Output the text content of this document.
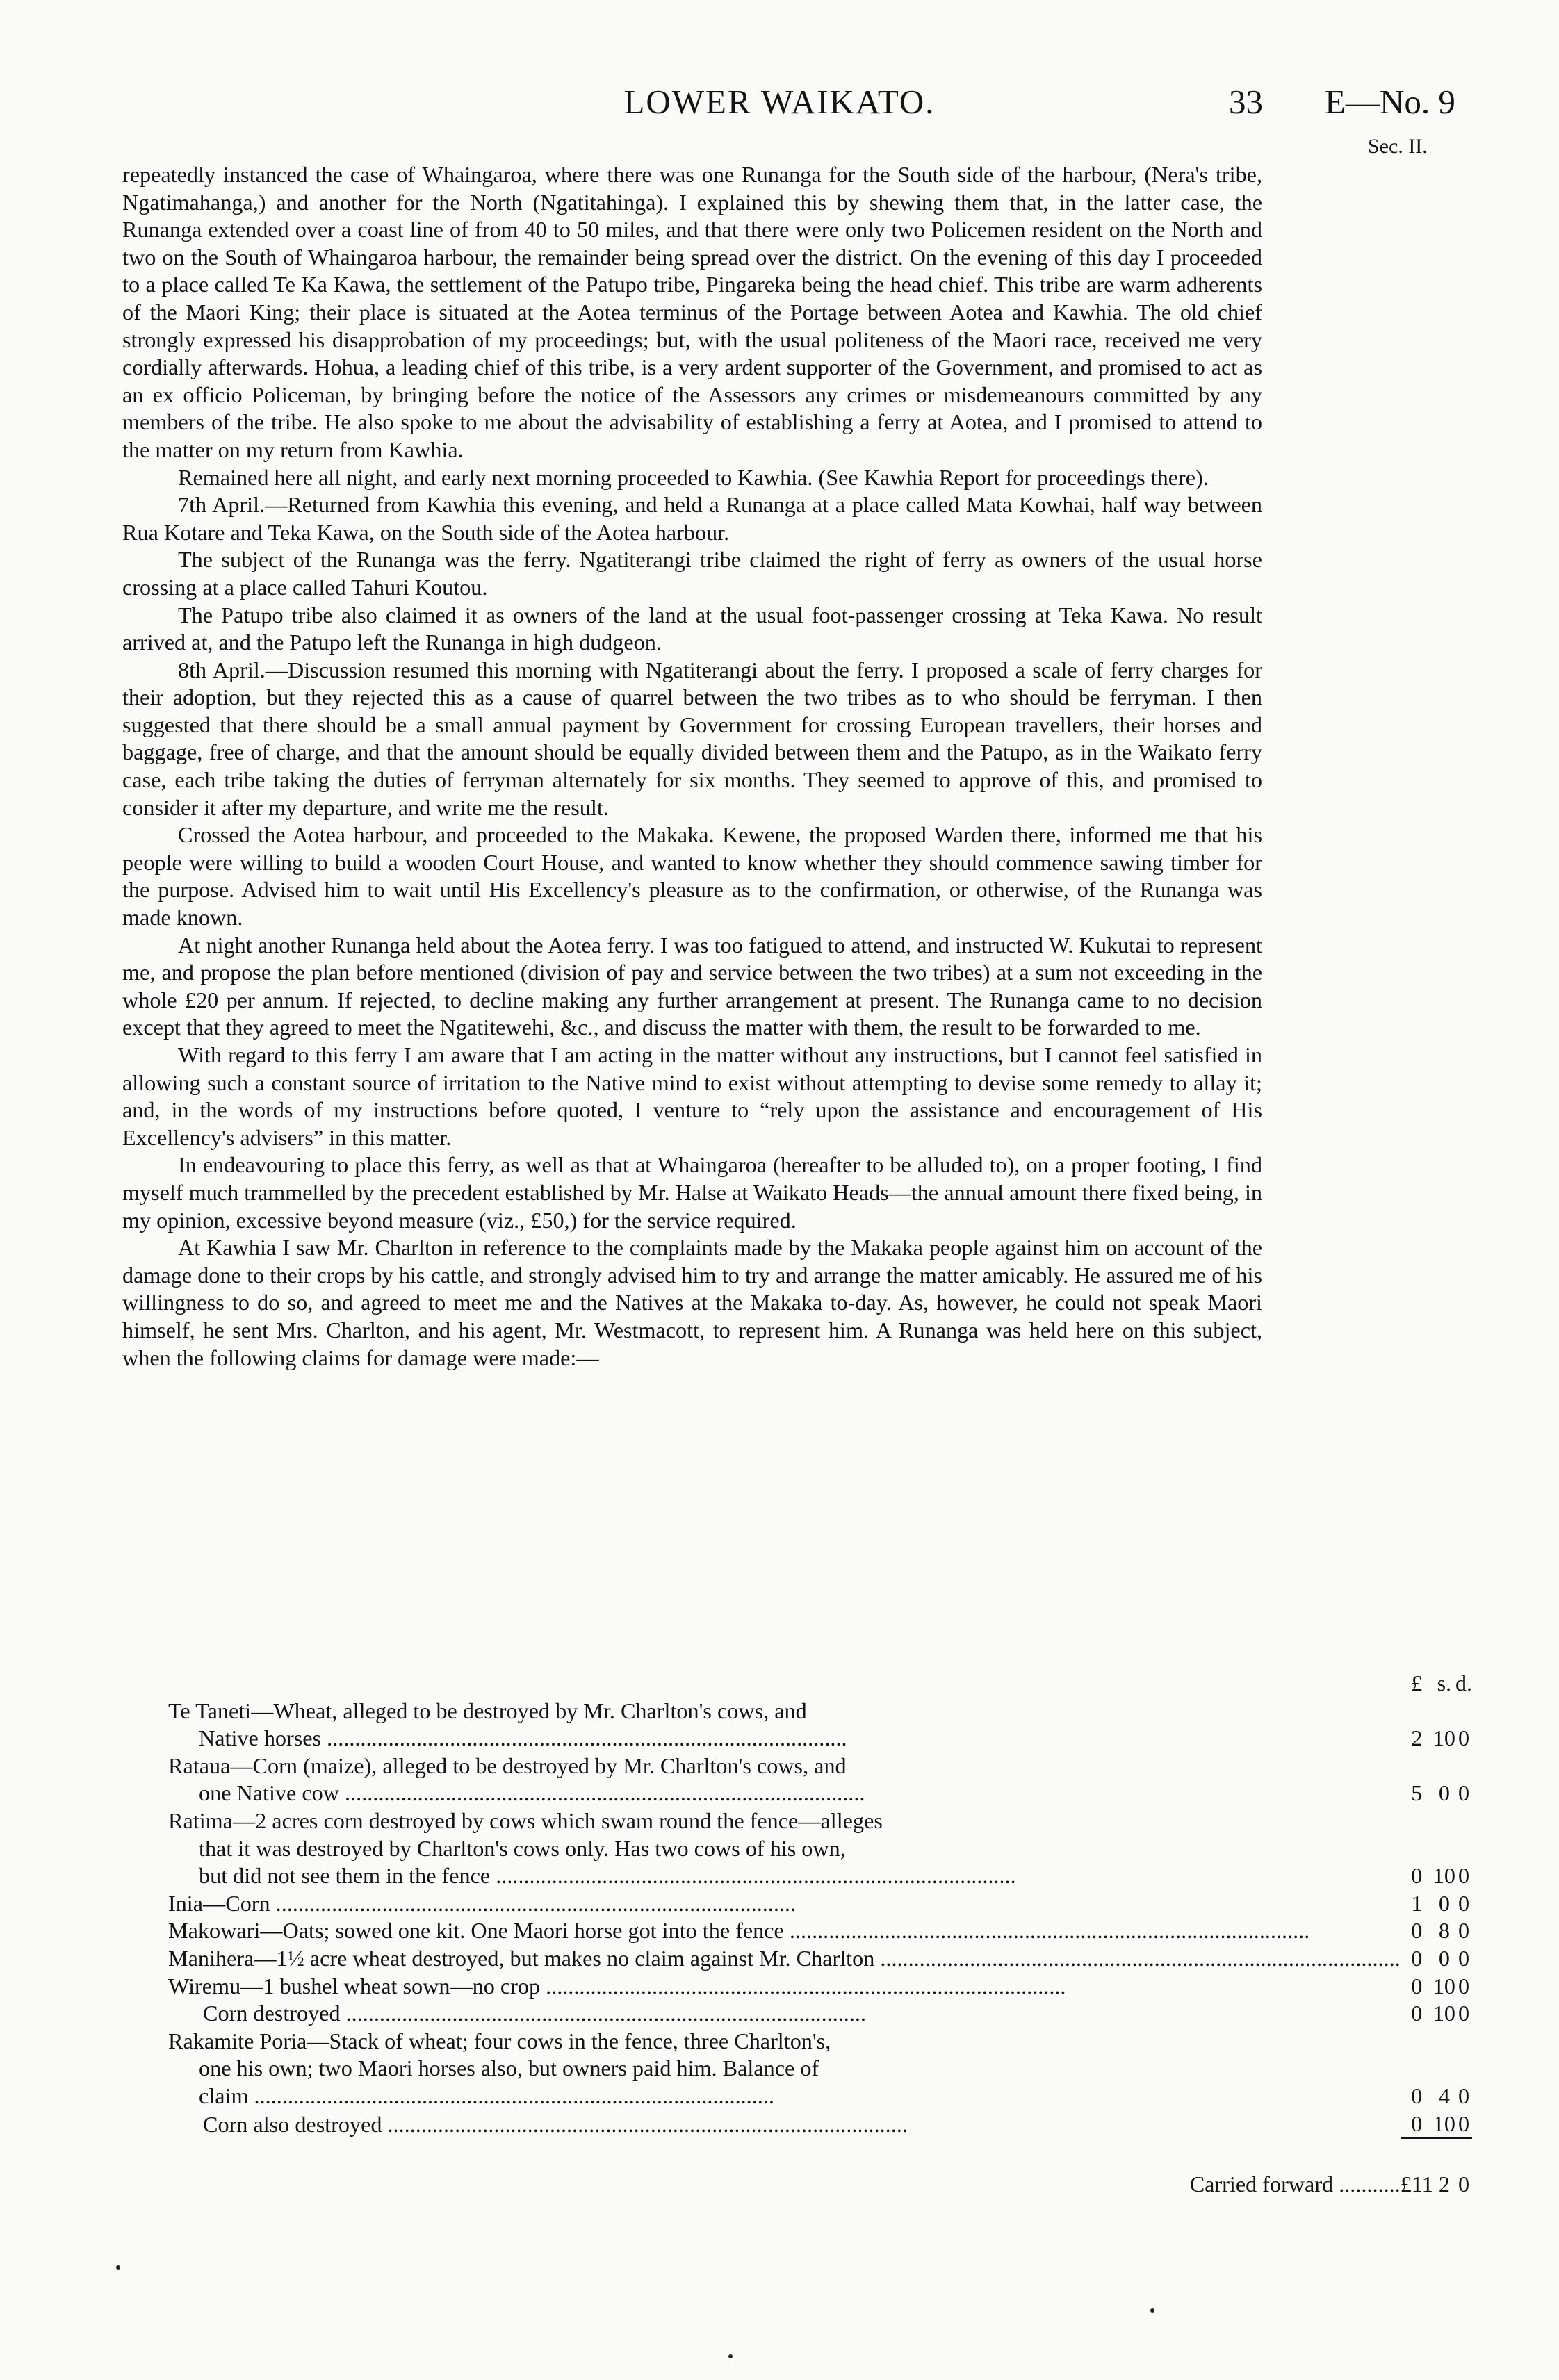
LOWER WAIKATO.	33 E—No. 9
Sec. II.

repeatedly instanced the case of Whaingaroa, where there was one Runanga for the South side of the harbour, (Nera's tribe, Ngatimahanga,) and another for the North (Ngatitahinga). I explained this by shewing them that, in the latter case, the Runanga extended over a coast line of from 40 to 50 miles, and that there were only two Policemen resident on the North and two on the South of Whaingaroa harbour, the remainder being spread over the district. On the evening of this day I proceeded to a place called Te Ka Kawa, the settlement of the Patupo tribe, Pingareka being the head chief. This tribe are warm adherents of the Maori King; their place is situated at the Aotea terminus of the Portage between Aotea and Kawhia. The old chief strongly expressed his disapprobation of my proceedings; but, with the usual politeness of the Maori race, received me very cordially afterwards. Hohua, a leading chief of this tribe, is a very ardent supporter of the Government, and promised to act as an ex officio Policeman, by bringing before the notice of the Assessors any crimes or misdemeanours committed by any members of the tribe. He also spoke to me about the advisability of establishing a ferry at Aotea, and I promised to attend to the matter on my return from Kawhia.

Remained here all night, and early next morning proceeded to Kawhia. (See Kawhia Report for proceedings there).

7th April.—Returned from Kawhia this evening, and held a Runanga at a place called Mata Kowhai, half way between Rua Kotare and Teka Kawa, on the South side of the Aotea harbour.

The subject of the Runanga was the ferry. Ngatiterangi tribe claimed the right of ferry as owners of the usual horse crossing at a place called Tahuri Koutou.

The Patupo tribe also claimed it as owners of the land at the usual foot-passenger crossing at Teka Kawa. No result arrived at, and the Patupo left the Runanga in high dudgeon.

8th April.—Discussion resumed this morning with Ngatiterangi about the ferry. I proposed a scale of ferry charges for their adoption, but they rejected this as a cause of quarrel between the two tribes as to who should be ferryman. I then suggested that there should be a small annual payment by Government for crossing European travellers, their horses and baggage, free of charge, and that the amount should be equally divided between them and the Patupo, as in the Waikato ferry case, each tribe taking the duties of ferryman alternately for six months. They seemed to approve of this, and promised to consider it after my departure, and write me the result.

Crossed the Aotea harbour, and proceeded to the Makaka. Kewene, the proposed Warden there, informed me that his people were willing to build a wooden Court House, and wanted to know whether they should commence sawing timber for the purpose. Advised him to wait until His Excellency's pleasure as to the confirmation, or otherwise, of the Runanga was made known.

At night another Runanga held about the Aotea ferry. I was too fatigued to attend, and instructed W. Kukutai to represent me, and propose the plan before mentioned (division of pay and service between the two tribes) at a sum not exceeding in the whole £20 per annum. If rejected, to decline making any further arrangement at present. The Runanga came to no decision except that they agreed to meet the Ngatitewehi, &c., and discuss the matter with them, the result to be forwarded to me.

With regard to this ferry I am aware that I am acting in the matter without any instructions, but I cannot feel satisfied in allowing such a constant source of irritation to the Native mind to exist without attempting to devise some remedy to allay it; and, in the words of my instructions before quoted, I venture to “rely upon the assistance and encouragement of His Excellency's advisers” in this matter.

In endeavouring to place this ferry, as well as that at Whaingaroa (hereafter to be alluded to), on a proper footing, I find myself much trammelled by the precedent established by Mr. Halse at Waikato Heads—the annual amount there fixed being, in my opinion, excessive beyond measure (viz., £50,) for the service required.

At Kawhia I saw Mr. Charlton in reference to the complaints made by the Makaka people against him on account of the damage done to their crops by his cattle, and strongly advised him to try and arrange the matter amicably. He assured me of his willingness to do so, and agreed to meet me and the Natives at the Makaka to-day. As, however, he could not speak Maori himself, he sent Mrs. Charlton, and his agent, Mr. Westmacott, to represent him. A Runanga was held here on this subject, when the following claims for damage were made:—

	£	s.	d.

Te Taneti—Wheat, alleged to be destroyed by Mr. Charlton's cows, and
Native horses .....	2	10	0

Rataua—Corn (maize), alleged to be destroyed by Mr. Charlton's cows, and
one Native cow .....	5	0	0

Ratima—2 acres corn destroyed by cows which swam round the fence—alleges
that it was destroyed by Charlton's cows only. Has two cows of his own,
but did not see them in the fence .....	0	10	0

Inia—Corn .....	1	0	0

Makowari—Oats; sowed one kit. One Maori horse got into the fence .....	0	8	0

Manihera—1½ acre wheat destroyed, but makes no claim against Mr. Charlton .....	0	0	0

Wiremu—1 bushel wheat sown—no crop .....	0	10	0

Corn destroyed .....	0	10	0

Rakamite Poria—Stack of wheat; four cows in the fence, three Charlton's,
one his own; two Maori horses also, but owners paid him. Balance of
claim .....	0	4	0

Corn also destroyed .....	0	10	0

Carried forward ...........	£11	2	0
